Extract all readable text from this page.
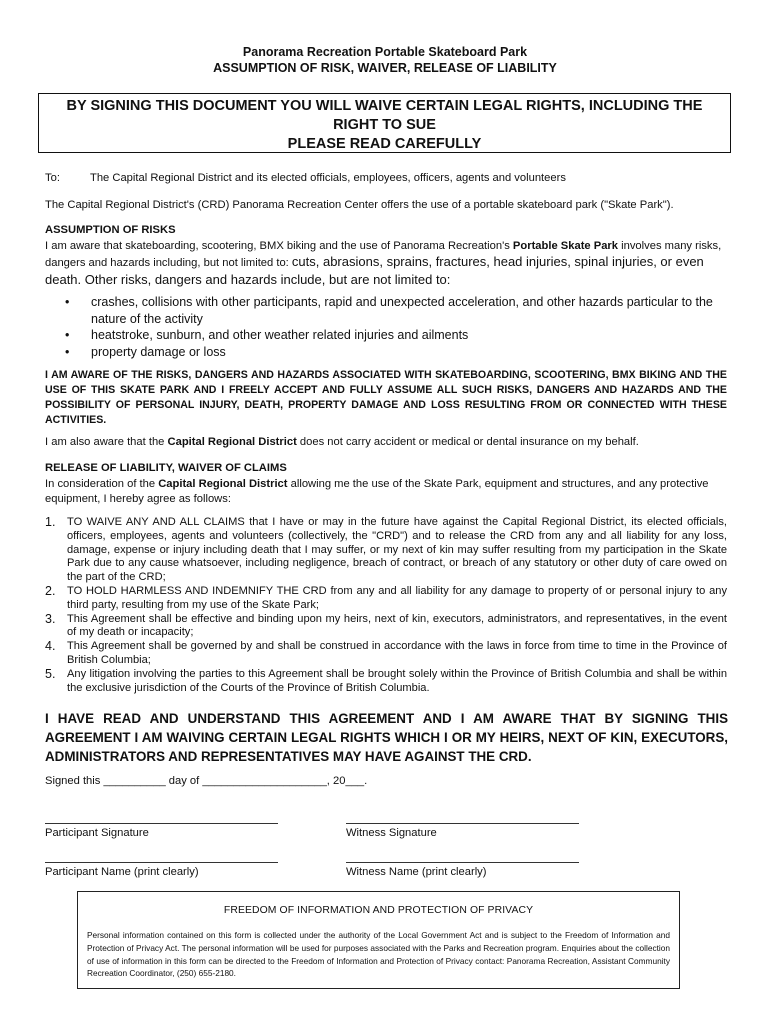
Panorama Recreation Portable Skateboard Park
ASSUMPTION OF RISK, WAIVER, RELEASE OF LIABILITY
BY SIGNING THIS DOCUMENT YOU WILL WAIVE CERTAIN LEGAL RIGHTS, INCLUDING THE
RIGHT TO SUE
PLEASE READ CAREFULLY
To:	The Capital Regional District and its elected officials, employees, officers, agents and volunteers
The Capital Regional District's (CRD) Panorama Recreation Center offers the use of a portable skateboard park ("Skate Park").
ASSUMPTION OF RISKS
I am aware that skateboarding, scootering, BMX biking and the use of Panorama Recreation's Portable Skate Park involves many risks, dangers and hazards including, but not limited to: cuts, abrasions, sprains, fractures, head injuries, spinal injuries, or even death. Other risks, dangers and hazards include, but are not limited to:
•	crashes, collisions with other participants, rapid and unexpected acceleration, and other hazards particular to the nature of the activity
•	heatstroke, sunburn, and other weather related injuries and ailments
•	property damage or loss
I AM AWARE OF THE RISKS, DANGERS AND HAZARDS ASSOCIATED WITH SKATEBOARDING, SCOOTERING, BMX BIKING AND THE USE OF THIS SKATE PARK AND I FREELY ACCEPT AND FULLY ASSUME ALL SUCH RISKS, DANGERS AND HAZARDS AND THE POSSIBILITY OF PERSONAL INJURY, DEATH, PROPERTY DAMAGE AND LOSS RESULTING FROM OR CONNECTED WITH THESE ACTIVITIES.
I am also aware that the Capital Regional District does not carry accident or medical or dental insurance on my behalf.
RELEASE OF LIABILITY, WAIVER OF CLAIMS
In consideration of the Capital Regional District allowing me the use of the Skate Park, equipment and structures, and any protective equipment, I hereby agree as follows:
1.	TO WAIVE ANY AND ALL CLAIMS that I have or may in the future have against the Capital Regional District, its elected officials, officers, employees, agents and volunteers (collectively, the "CRD") and to release the CRD from any and all liability for any loss, damage, expense or injury including death that I may suffer, or my next of kin may suffer resulting from my participation in the Skate Park due to any cause whatsoever, including negligence, breach of contract, or breach of any statutory or other duty of care owed on the part of the CRD;
2.	TO HOLD HARMLESS AND INDEMNIFY THE CRD from any and all liability for any damage to property of or personal injury to any third party, resulting from my use of the Skate Park;
3.	This Agreement shall be effective and binding upon my heirs, next of kin, executors, administrators, and representatives, in the event of my death or incapacity;
4.	This Agreement shall be governed by and shall be construed in accordance with the laws in force from time to time in the Province of British Columbia;
5.	Any litigation involving the parties to this Agreement shall be brought solely within the Province of British Columbia and shall be within the exclusive jurisdiction of the Courts of the Province of British Columbia.
I HAVE READ AND UNDERSTAND THIS AGREEMENT AND I AM AWARE THAT BY SIGNING THIS AGREEMENT I AM WAIVING CERTAIN LEGAL RIGHTS WHICH I OR MY HEIRS, NEXT OF KIN, EXECUTORS, ADMINISTRATORS AND REPRESENTATIVES MAY HAVE AGAINST THE CRD.
Signed this __________ day of ____________________, 20___.
Participant Signature	Witness Signature
Participant Name (print clearly)	Witness Name (print clearly)
FREEDOM OF INFORMATION AND PROTECTION OF PRIVACY
Personal information contained on this form is collected under the authority of the Local Government Act and is subject to the Freedom of Information and Protection of Privacy Act. The personal information will be used for purposes associated with the Parks and Recreation program. Enquiries about the collection of use of information in this form can be directed to the Freedom of Information and Protection of Privacy contact: Panorama Recreation, Assistant Community Recreation Coordinator, (250) 655-2180.
